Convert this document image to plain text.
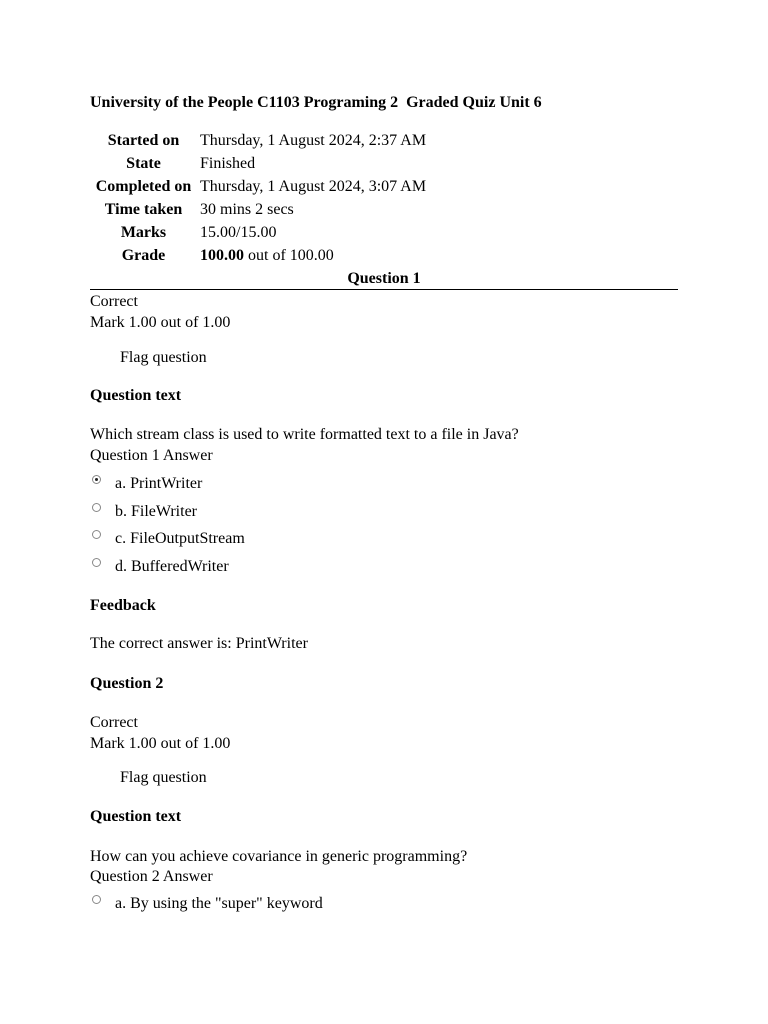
University of the People C1103 Programing 2  Graded Quiz Unit 6
Started on	Thursday, 1 August 2024, 2:37 AM
State	Finished
Completed on Thursday, 1 August 2024, 3:07 AM
Time taken	30 mins 2 secs
Marks	15.00/15.00
Grade	100.00 out of 100.00
Question 1
Correct
Mark 1.00 out of 1.00
Flag question
Question text
Which stream class is used to write formatted text to a file in Java?
Question 1 Answer
a. PrintWriter
b. FileWriter
c. FileOutputStream
d. BufferedWriter
Feedback
The correct answer is: PrintWriter
Question 2
Correct
Mark 1.00 out of 1.00
Flag question
Question text
How can you achieve covariance in generic programming?
Question 2 Answer
a. By using the "super" keyword
